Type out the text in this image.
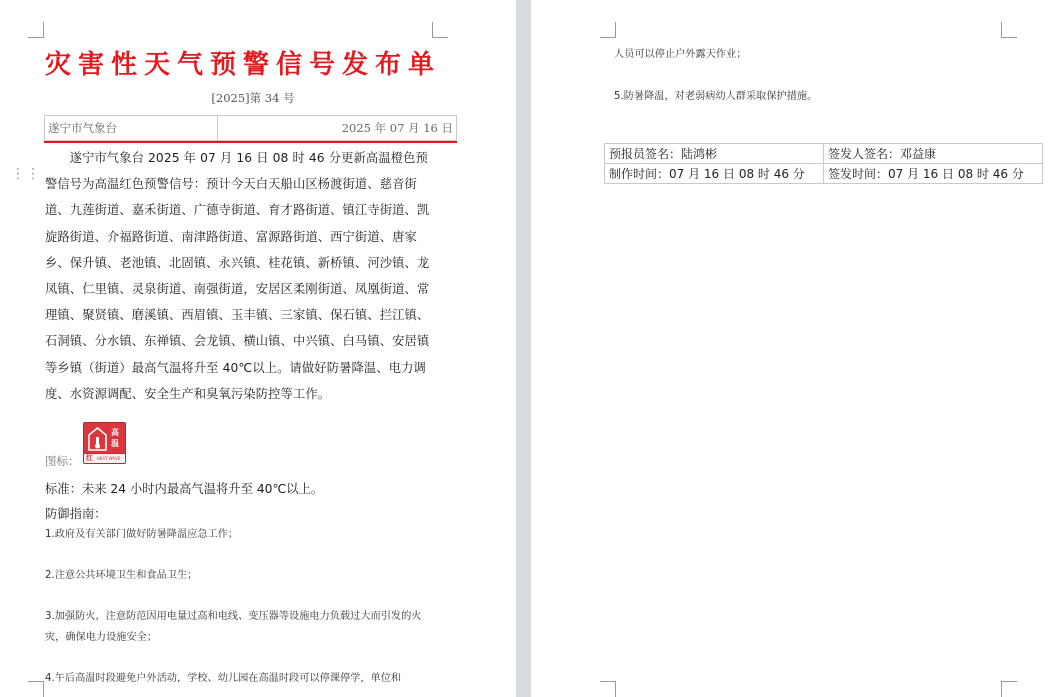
⋮⋮
灾害性天气预警信号发布单
[2025]第 34 号
遂宁市气象台	2025 年 07 月 16 日

遂宁市气象台 2025 年 07 月 16 日 08 时 46 分更新高温橙色预警信号为高温红色预警信号：预计今天白天船山区杨渡街道、慈音街道、九莲街道、嘉禾街道、广德寺街道、育才路街道、镇江寺街道、凯旋路街道、介福路街道、南津路街道、富源路街道、西宁街道、唐家乡、保升镇、老池镇、北固镇、永兴镇、桂花镇、新桥镇、河沙镇、龙凤镇、仁里镇、灵泉街道、南强街道，安居区柔刚街道、凤凰街道、常理镇、聚贤镇、磨溪镇、西眉镇、玉丰镇、三家镇、保石镇、拦江镇、石洞镇、分水镇、东禅镇、会龙镇、横山镇、中兴镇、白马镇、安居镇等乡镇（街道）最高气温将升至 40℃以上。请做好防暑降温、电力调度、水资源调配、安全生产和臭氧污染防控等工作。

高
温
红 HEAT WAVE
图标：
标准：未来 24 小时内最高气温将升至 40℃以上。
防御指南：
1.政府及有关部门做好防暑降温应急工作；
2.注意公共环境卫生和食品卫生；
3.加强防火，注意防范因用电量过高和电线、变压器等设施电力负载过大而引发的火灾，确保电力设施安全；
4.午后高温时段避免户外活动，学校、幼儿园在高温时段可以停课停学，单位和
人员可以停止户外露天作业；
5.防暑降温，对老弱病幼人群采取保护措施。
预报员签名：陆鸿彬	签发人签名：邓益康
制作时间：07 月 16 日 08 时 46 分	签发时间：07 月 16 日 08 时 46 分
